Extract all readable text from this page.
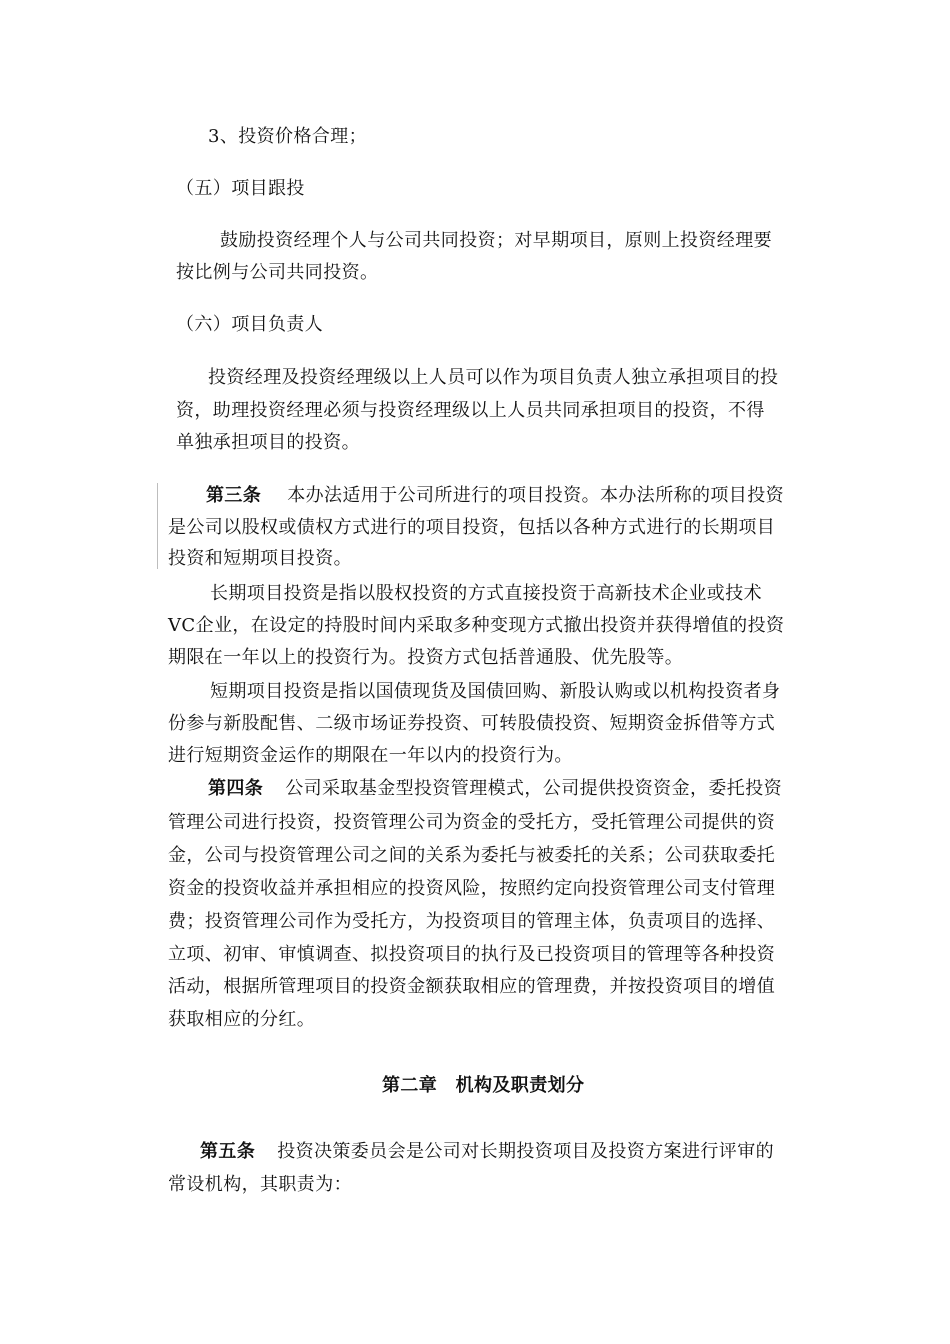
3、投资价格合理；
（五）项目跟投
鼓励投资经理个人与公司共同投资；对早期项目，原则上投资经理要
按比例与公司共同投资。
（六）项目负责人
投资经理及投资经理级以上人员可以作为项目负责人独立承担项目的投
资，助理投资经理必须与投资经理级以上人员共同承担项目的投资，不得
单独承担项目的投资。
第三条 本办法适用于公司所进行的项目投资。本办法所称的项目投资
是公司以股权或债权方式进行的项目投资，包括以各种方式进行的长期项目
投资和短期项目投资。
长期项目投资是指以股权投资的方式直接投资于高新技术企业或技术
VC企业，在设定的持股时间内采取多种变现方式撤出投资并获得增值的投资
期限在一年以上的投资行为。投资方式包括普通股、优先股等。
短期项目投资是指以国债现货及国债回购、新股认购或以机构投资者身
份参与新股配售、二级市场证券投资、可转股债投资、短期资金拆借等方式
进行短期资金运作的期限在一年以内的投资行为。
第四条 公司采取基金型投资管理模式，公司提供投资资金，委托投资
管理公司进行投资，投资管理公司为资金的受托方，受托管理公司提供的资
金，公司与投资管理公司之间的关系为委托与被委托的关系；公司获取委托
资金的投资收益并承担相应的投资风险，按照约定向投资管理公司支付管理
费；投资管理公司作为受托方，为投资项目的管理主体，负责项目的选择、
立项、初审、审慎调查、拟投资项目的执行及已投资项目的管理等各种投资
活动，根据所管理项目的投资金额获取相应的管理费，并按投资项目的增值
获取相应的分红。
第二章　机构及职责划分
第五条 投资决策委员会是公司对长期投资项目及投资方案进行评审的
常设机构，其职责为：
